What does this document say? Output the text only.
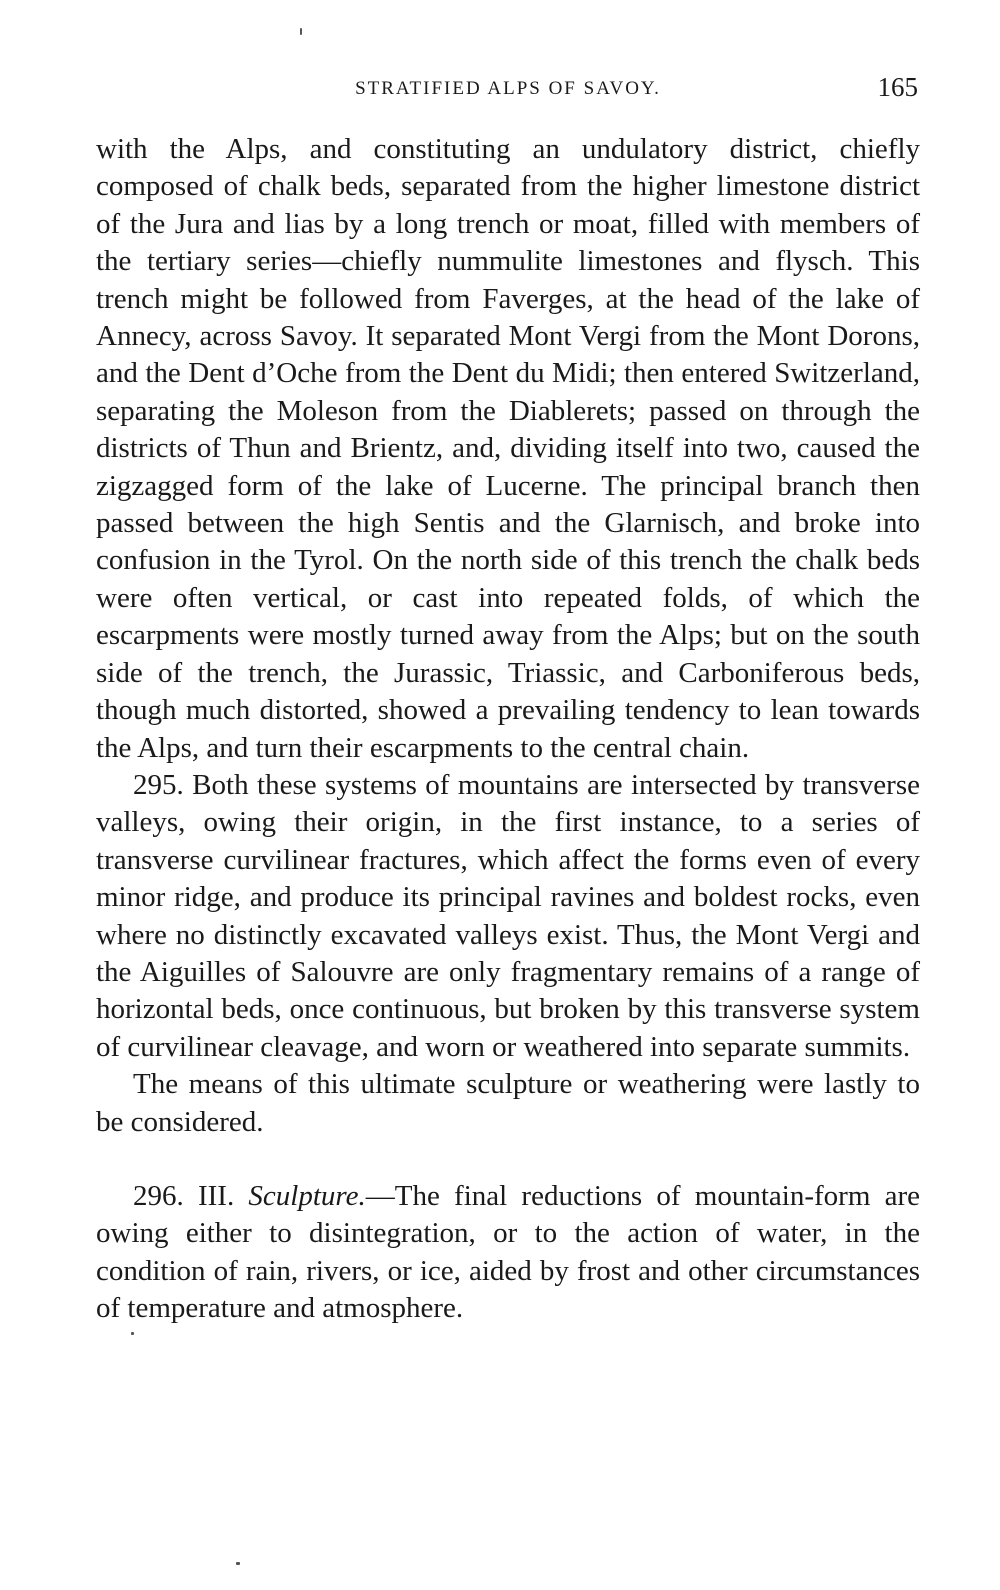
STRATIFIED ALPS OF SAVOY.	165

with the Alps, and constituting an undulatory district, chiefly composed of chalk beds, separated from the higher limestone district of the Jura and lias by a long trench or moat, filled with members of the tertiary series—chiefly nummulite limestones and flysch. This trench might be followed from Faverges, at the head of the lake of Annecy, across Savoy. It separated Mont Vergi from the Mont Dorons, and the Dent d’Oche from the Dent du Midi; then entered Switzerland, separating the Moleson from the Diablerets; passed on through the districts of Thun and Brientz, and, dividing itself into two, caused the zigzagged form of the lake of Lucerne. The principal branch then passed between the high Sentis and the Glarnisch, and broke into confusion in the Tyrol. On the north side of this trench the chalk beds were often vertical, or cast into repeated folds, of which the escarpments were mostly turned away from the Alps; but on the south side of the trench, the Jurassic, Triassic, and Carboniferous beds, though much distorted, showed a prevailing tendency to lean towards the Alps, and turn their escarpments to the central chain.

295. Both these systems of mountains are intersected by transverse valleys, owing their origin, in the first instance, to a series of transverse curvilinear fractures, which affect the forms even of every minor ridge, and produce its principal ravines and boldest rocks, even where no distinctly excavated valleys exist. Thus, the Mont Vergi and the Aiguilles of Salouvre are only fragmentary remains of a range of horizontal beds, once continuous, but broken by this transverse system of curvilinear cleavage, and worn or weathered into separate summits.

The means of this ultimate sculpture or weathering were lastly to be considered.

296. III. Sculpture.—The final reductions of mountain-form are owing either to disintegration, or to the action of water, in the condition of rain, rivers, or ice, aided by frost and other circumstances of temperature and atmosphere.
